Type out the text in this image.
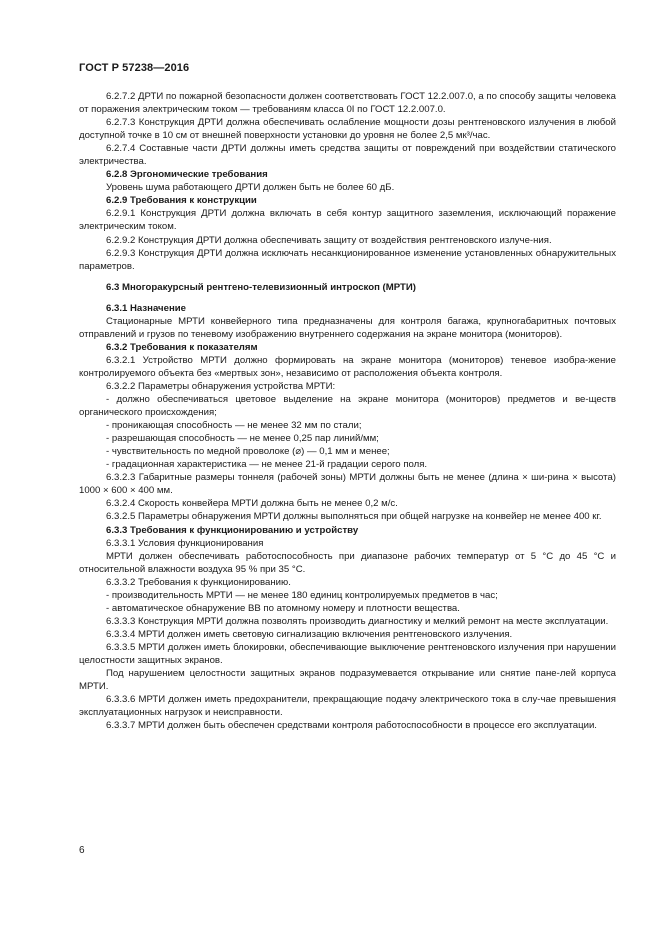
ГОСТ Р 57238—2016

6.2.7.2 ДРТИ по пожарной безопасности должен соответствовать ГОСТ 12.2.007.0, а по способу защиты человека от поражения электрическим током — требованиям класса 0I по ГОСТ 12.2.007.0.

6.2.7.3 Конструкция ДРТИ должна обеспечивать ослабление мощности дозы рентгеновского излучения в любой доступной точке в 10 см от внешней поверхности установки до уровня не более 2,5 мк³/час.

6.2.7.4 Составные части ДРТИ должны иметь средства защиты от повреждений при воздействии статического электричества.

6.2.8 Эргономические требования

Уровень шума работающего ДРТИ должен быть не более 60 дБ.

6.2.9 Требования к конструкции

6.2.9.1 Конструкция ДРТИ должна включать в себя контур защитного заземления, исключающий поражение электрическим током.

6.2.9.2 Конструкция ДРТИ должна обеспечивать защиту от воздействия рентгеновского излуче-ния.

6.2.9.3 Конструкция ДРТИ должна исключать несанкционированное изменение установленных обнаружительных параметров.

6.3 Многоракурсный рентгено-телевизионный интроскоп (МРТИ)

6.3.1 Назначение

Стационарные МРТИ конвейерного типа предназначены для контроля багажа, крупногабаритных почтовых отправлений и грузов по теневому изображению внутреннего содержания на экране монитора (мониторов).

6.3.2 Требования к показателям

6.3.2.1 Устройство МРТИ должно формировать на экране монитора (мониторов) теневое изобра-жение контролируемого объекта без «мертвых зон», независимо от расположения объекта контроля.

6.3.2.2 Параметры обнаружения устройства МРТИ:

- должно обеспечиваться цветовое выделение на экране монитора (мониторов) предметов и ве-ществ органического происхождения;

- проникающая способность — не менее 32 мм по стали;

- разрешающая способность — не менее 0,25 пар линий/мм;

- чувствительность по медной проволоке (⌀) — 0,1 мм и менее;

- градационная характеристика — не менее 21-й градации серого поля.

6.3.2.3 Габаритные размеры тоннеля (рабочей зоны) МРТИ должны быть не менее (длина × ши-рина × высота) 1000 × 600 × 400 мм.

6.3.2.4 Скорость конвейера МРТИ должна быть не менее 0,2 м/с.

6.3.2.5 Параметры обнаружения МРТИ должны выполняться при общей нагрузке на конвейер не менее 400 кг.

6.3.3 Требования к функционированию и устройству

6.3.3.1 Условия функционирования

МРТИ должен обеспечивать работоспособность при диапазоне рабочих температур от 5 °C до 45 °C и относительной влажности воздуха 95 % при 35 °C.

6.3.3.2 Требования к функционированию.

- производительность МРТИ — не менее 180 единиц контролируемых предметов в час;

- автоматическое обнаружение ВВ по атомному номеру и плотности вещества.

6.3.3.3 Конструкция МРТИ должна позволять производить диагностику и мелкий ремонт на месте эксплуатации.

6.3.3.4 МРТИ должен иметь световую сигнализацию включения рентгеновского излучения.

6.3.3.5 МРТИ должен иметь блокировки, обеспечивающие выключение рентгеновского излучения при нарушении целостности защитных экранов.

Под нарушением целостности защитных экранов подразумевается открывание или снятие пане-лей корпуса МРТИ.

6.3.3.6 МРТИ должен иметь предохранители, прекращающие подачу электрического тока в слу-чае превышения эксплуатационных нагрузок и неисправности.

6.3.3.7 МРТИ должен быть обеспечен средствами контроля работоспособности в процессе его эксплуатации.

6
